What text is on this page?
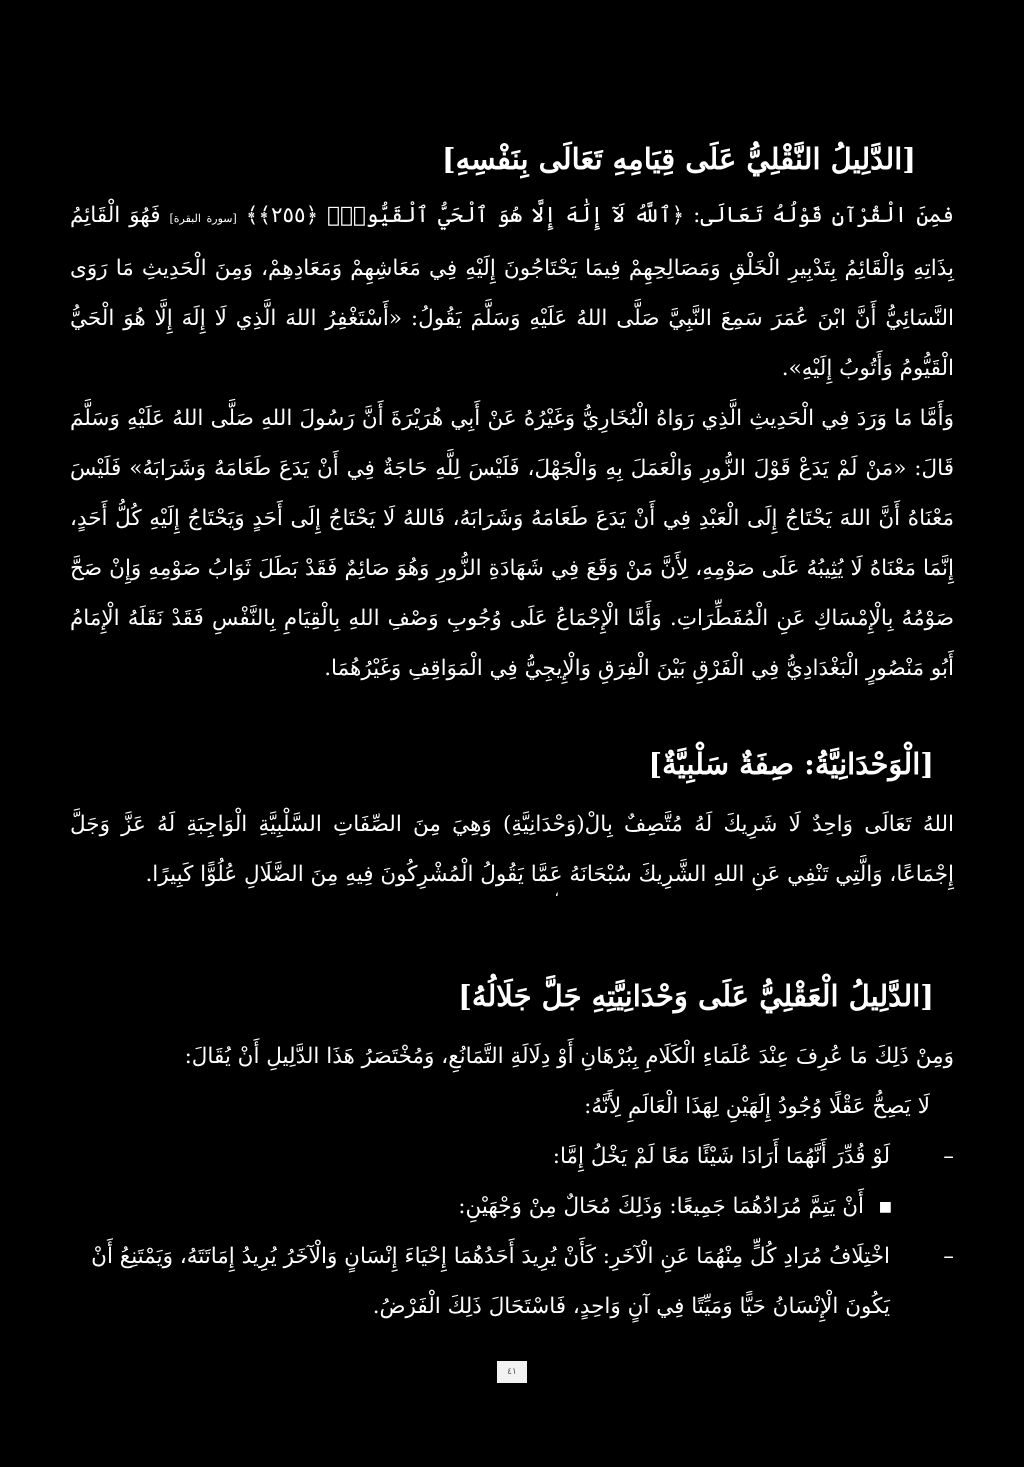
[الدَّلِيلُ النَّقْلِيُّ عَلَى قِيَامِهِ تَعَالَى بِنَفْسِهِ]

فمِنَ الْقُرْآنِ قَوْلُهُ تَعَالَى: ﴿ٱللَّهُ لَآ إِلَٰهَ إِلَّا هُوَ ٱلْحَيُّ ٱلْقَيُّومُۚ ﴿٢٥٥﴾﴾ [سورة البقرة] فَهُوَ الْقَائِمُ بِذَاتِهِ وَالْقَائِمُ بِتَدْبِيرِ الْخَلْقِ وَمَصَالِحِهِمْ فِيمَا يَحْتَاجُونَ إِلَيْهِ فِي مَعَاشِهِمْ وَمَعَادِهِمْ، وَمِنَ الْحَدِيثِ مَا رَوَى النَّسَائِيُّ أَنَّ ابْنَ عُمَرَ سَمِعَ النَّبِيَّ صَلَّى اللهُ عَلَيْهِ وَسَلَّمَ يَقُولُ: «أَسْتَغْفِرُ اللهَ الَّذِي لَا إِلَهَ إِلَّا هُوَ الْحَيُّ الْقَيُّومُ وَأَتُوبُ إِلَيْهِ».

وَأَمَّا مَا وَرَدَ فِي الْحَدِيثِ الَّذِي رَوَاهُ الْبُخَارِيُّ وَغَيْرُهُ عَنْ أَبِي هُرَيْرَةَ أَنَّ رَسُولَ اللهِ صَلَّى اللهُ عَلَيْهِ وَسَلَّمَ قَالَ: «مَنْ لَمْ يَدَعْ قَوْلَ الزُّورِ وَالْعَمَلَ بِهِ وَالْجَهْلَ، فَلَيْسَ لِلَّهِ حَاجَةٌ فِي أَنْ يَدَعَ طَعَامَهُ وَشَرَابَهُ» فَلَيْسَ مَعْنَاهُ أَنَّ اللهَ يَحْتَاجُ إِلَى الْعَبْدِ فِي أَنْ يَدَعَ طَعَامَهُ وَشَرَابَهُ، فَاللهُ لَا يَحْتَاجُ إِلَى أَحَدٍ وَيَحْتَاجُ إِلَيْهِ كُلُّ أَحَدٍ، إِنَّمَا مَعْنَاهُ لَا يُثِيبُهُ عَلَى صَوْمِهِ، لِأَنَّ مَنْ وَقَعَ فِي شَهَادَةِ الزُّورِ وَهُوَ صَائِمٌ فَقَدْ بَطَلَ ثَوَابُ صَوْمِهِ وَإِنْ صَحَّ صَوْمُهُ بِالْإِمْسَاكِ عَنِ الْمُفَطِّرَاتِ. وَأَمَّا الْإِجْمَاعُ عَلَى وُجُوبِ وَصْفِ اللهِ بِالْقِيَامِ بِالنَّفْسِ فَقَدْ نَقَلَهُ الْإِمَامُ أَبُو مَنْصُورٍ الْبَغْدَادِيُّ فِي الْفَرْقِ بَيْنَ الْفِرَقِ وَالْإِيجِيُّ فِي الْمَوَاقِفِ وَغَيْرُهُمَا.

[الْوَحْدَانِيَّةُ: صِفَةٌ سَلْبِيَّةٌ]

اللهُ تَعَالَى وَاحِدٌ لَا شَرِيكَ لَهُ مُتَّصِفٌ بِالْ(وَحْدَانِيَّةِ) وَهِيَ مِنَ الصِّفَاتِ السَّلْبِيَّةِ الْوَاجِبَةِ لَهُ عَزَّ وَجَلَّ إِجْمَاعًا، وَالَّتِي تَنْفِي عَنِ اللهِ الشَّرِيكَ سُبْحَانَهُ عَمَّا يَقُولُ الْمُشْرِكُونَ فِيهِ مِنَ الضَّلَالِ عُلُوًّا كَبِيرًا.

،
[الدَّلِيلُ الْعَقْلِيُّ عَلَى وَحْدَانِيَّتِهِ جَلَّ جَلَالُهُ]

وَمِنْ ذَلِكَ مَا عُرِفَ عِنْدَ عُلَمَاءِ الْكَلَامِ بِبُرْهَانِ أَوْ دِلَالَةِ التَّمَانُعِ، وَمُخْتَصَرُ هَذَا الدَّلِيلِ أَنْ يُقَالَ:

لَا يَصِحُّ عَقْلًا وُجُودُ إِلَهَيْنِ لِهَذَا الْعَالَمِ لِأَنَّهُ:

–
لَوْ قُدِّرَ أَنَّهُمَا أَرَادَا شَيْئًا مَعًا لَمْ يَخْلُ إِمَّا:
■
أَنْ يَتِمَّ مُرَادُهُمَا جَمِيعًا: وَذَلِكَ مُحَالٌ مِنْ وَجْهَيْنِ:
–
اخْتِلَافُ مُرَادِ كُلٍّ مِنْهُمَا عَنِ الْآخَرِ: كَأَنْ يُرِيدَ أَحَدُهُمَا إِحْيَاءَ إِنْسَانٍ وَالْآخَرُ يُرِيدُ إِمَاتَتَهُ، وَيَمْتَنِعُ أَنْ يَكُونَ الْإِنْسَانُ حَيًّا وَمَيِّتًا فِي آنٍ وَاحِدٍ، فَاسْتَحَالَ ذَلِكَ الْفَرْضُ.
٤١
